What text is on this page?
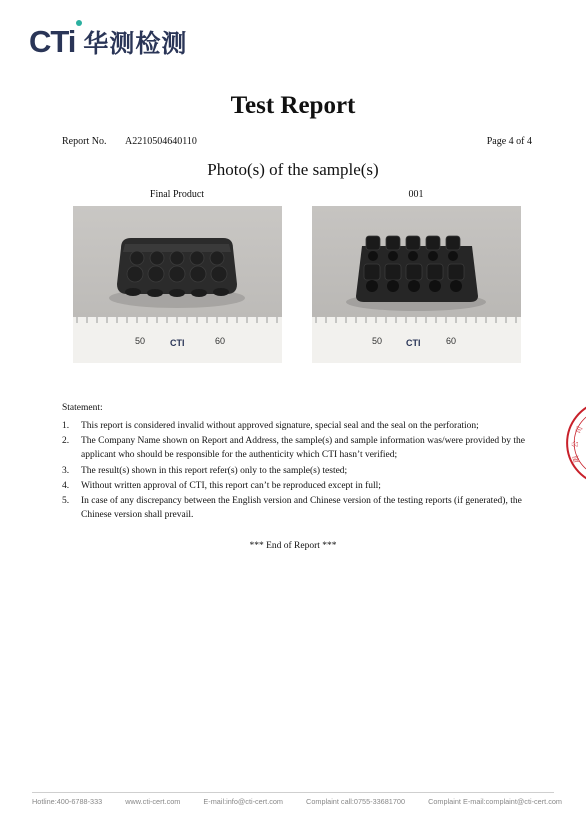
CTi 华测检测
Test Report
Report No. A2210504640110	Page 4 of 4
Photo(s) of the sample(s)
Final Product	001
50	CTI	60	50	CTI	60
Statement:
1. This report is considered invalid without approved signature, special seal and the seal on the perforation;
2. The Company Name shown on Report and Address, the sample(s) and sample information was/were provided by the applicant who should be responsible for the authenticity which CTI hasn’t verified;
3. The result(s) shown in this report refer(s) only to the sample(s) tested;
4. Without written approval of CTI, this report can’t be reproduced except in full;
5. In case of any discrepancy between the English version and Chinese version of the testing reports (if generated), the Chinese version shall prevail.
*** End of Report ***
司
公
限
Hotline:400-6788-333	www.cti-cert.com	E-mail:info@cti-cert.com	Complaint call:0755-33681700	Complaint E-mail:complaint@cti-cert.com
